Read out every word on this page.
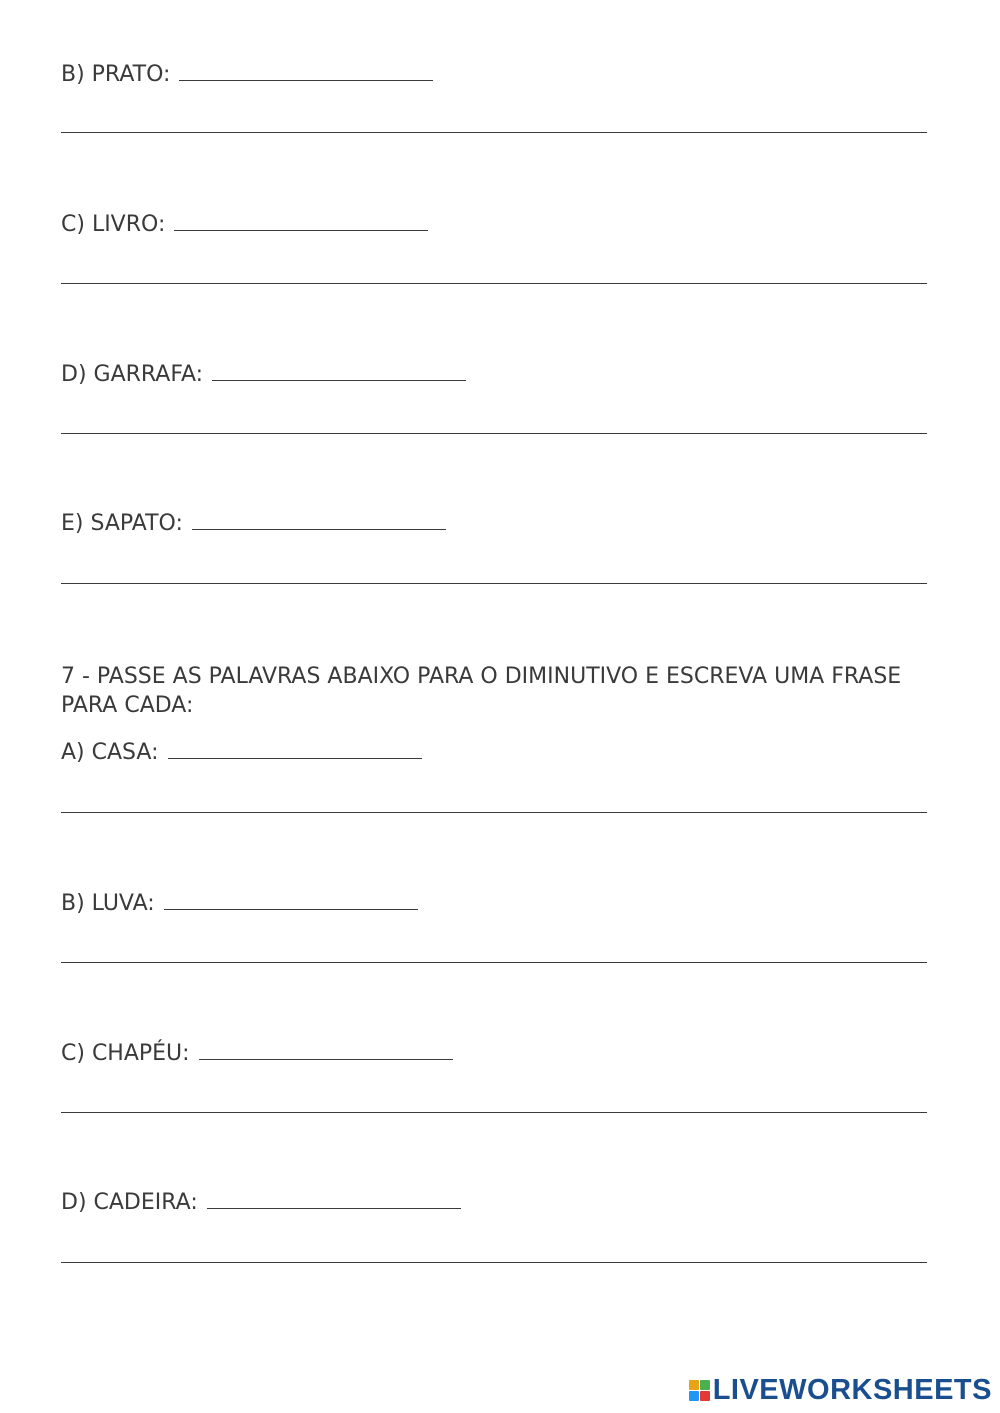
B) PRATO:
C) LIVRO:
D) GARRAFA:
E) SAPATO:
7 - PASSE AS PALAVRAS ABAIXO PARA O DIMINUTIVO E ESCREVA UMA FRASE PARA CADA:
A) CASA:
B) LUVA:
C) CHAPÉU:
D) CADEIRA:
LIVEWORKSHEETS
